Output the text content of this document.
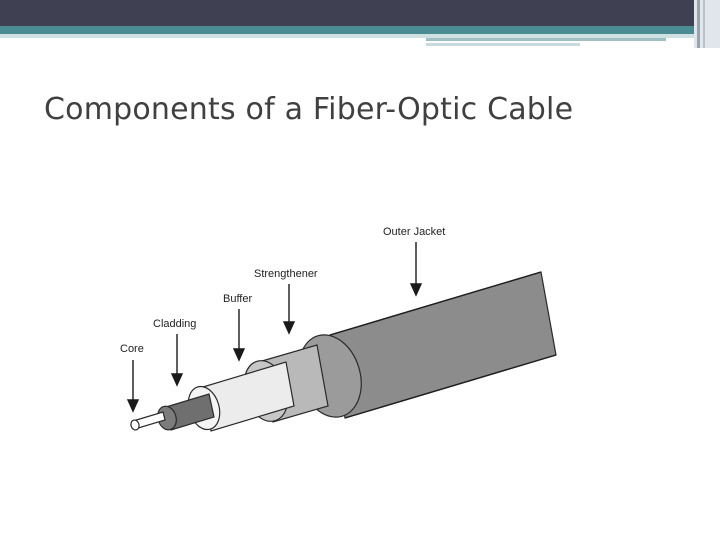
Components of a Fiber-Optic Cable
Core
Cladding
Buffer
Strengthener
Outer Jacket
